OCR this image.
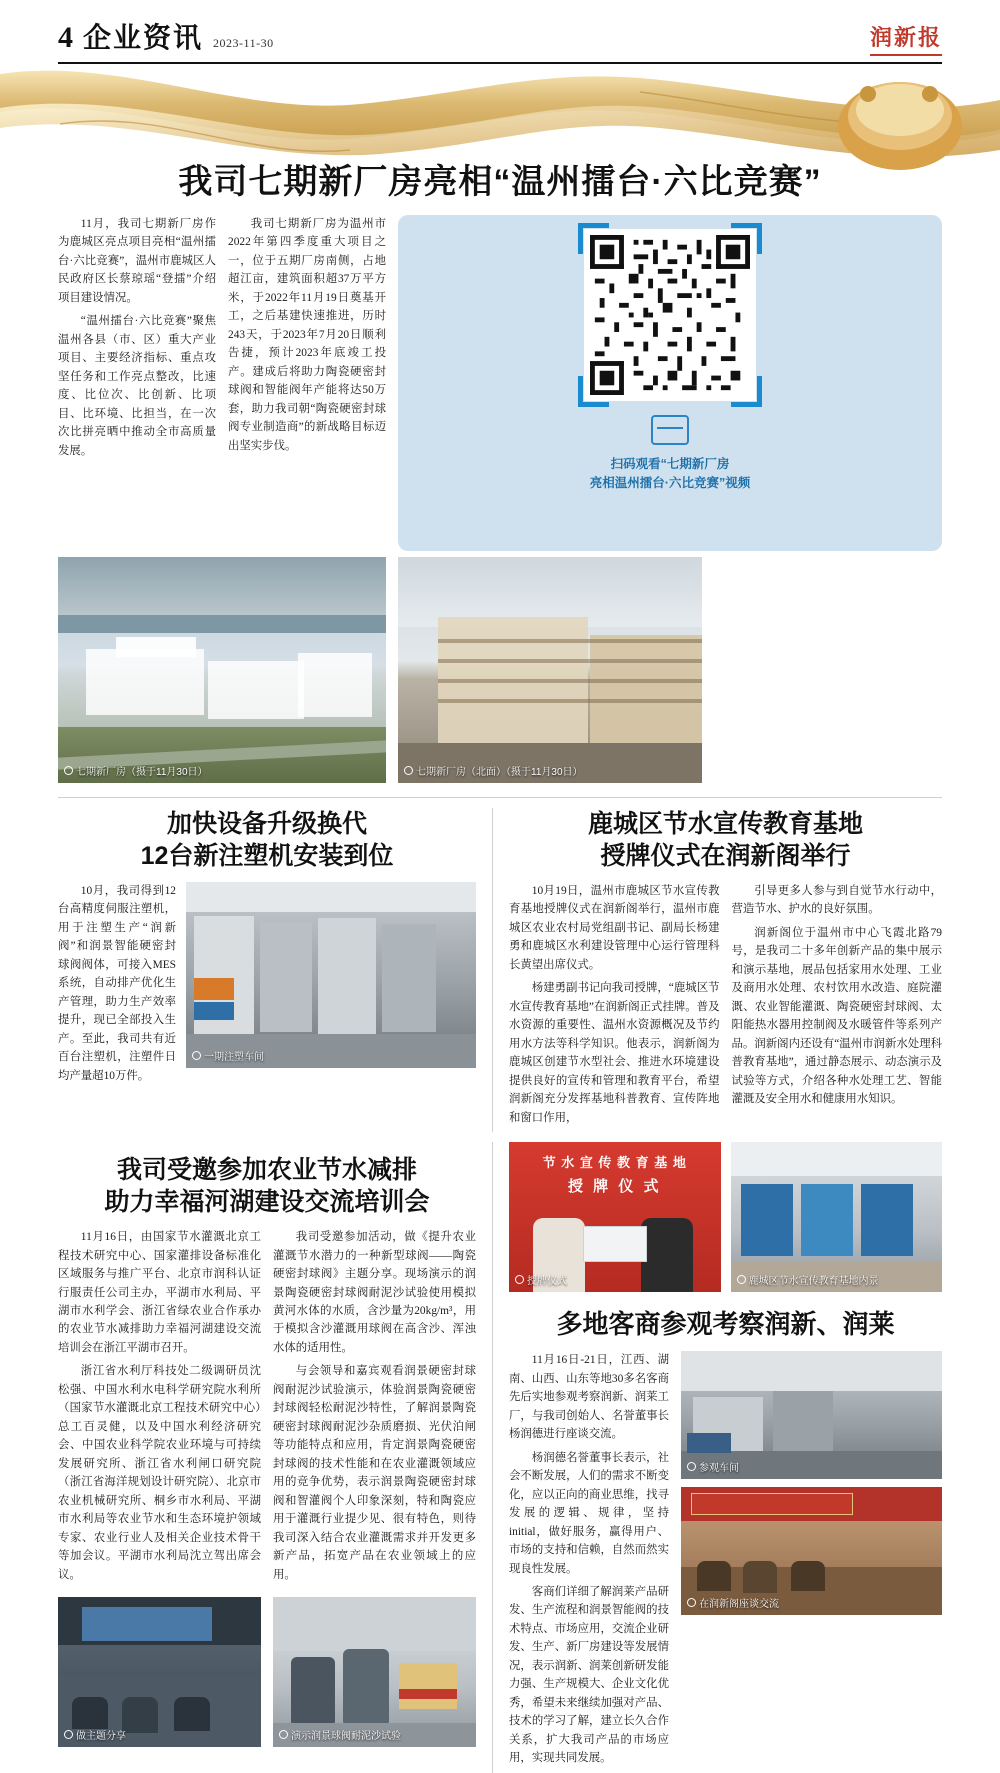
4 企业资讯 2023-11-30	润新报
我司七期新厂房亮相“温州擂台·六比竞赛”

11月，我司七期新厂房作为鹿城区亮点项目亮相“温州擂台·六比竞赛”，温州市鹿城区人民政府区长蔡琼瑶“登擂”介绍项目建设情况。

“温州擂台·六比竞赛”聚焦温州各县（市、区）重大产业项目、主要经济指标、重点攻坚任务和工作亮点整改，比速度、比位次、比创新、比项目、比环境、比担当，在一次次比拼亮晒中推动全市高质量发展。

我司七期新厂房为温州市2022年第四季度重大项目之一，位于五期厂房南侧，占地超江亩，建筑面积超37万平方米，于2022年11月19日奠基开工，之后基建快速推进，历时243天，于2023年7月20日顺利告捷，预计2023年底竣工投产。建成后将助力陶瓷硬密封球阀和智能阀年产能将达50万套，助力我司朝“陶瓷硬密封球阀专业制造商”的新战略目标迈出坚实步伐。

扫码观看“七期新厂房
亮相温州擂台·六比竞赛”视频
七期新厂房（摄于11月30日）	七期新厂房（北面）（摄于11月30日）
加快设备升级换代
12台新注塑机安装到位

10月，我司得到12台高精度伺服注塑机，用于注塑生产“润新阀”和润景智能硬密封球阀阀体，可接入MES系统，自动排产优化生产管理，助力生产效率提升，现已全部投入生产。至此，我司共有近百台注塑机，注塑件日均产量超10万件。

一期注塑车间
鹿城区节水宣传教育基地
授牌仪式在润新阁举行

10月19日，温州市鹿城区节水宣传教育基地授牌仪式在润新阁举行，温州市鹿城区农业农村局党组副书记、副局长杨建勇和鹿城区水利建设管理中心运行管理科长黄望出席仪式。

杨建勇副书记向我司授牌，“鹿城区节水宣传教育基地”在润新阁正式挂牌。普及水资源的重要性、温州水资源概况及节约用水方法等科学知识。他表示，润新阁为鹿城区创建节水型社会、推进水环境建设提供良好的宣传和管理和教育平台，希望润新阁充分发挥基地科普教育、宣传阵地和窗口作用，

引导更多人参与到自觉节水行动中，营造节水、护水的良好氛围。

润新阁位于温州市中心飞霞北路79号，是我司二十多年创新产品的集中展示和演示基地，展品包括家用水处理、工业及商用水处理、农村饮用水改造、庭院灌溉、农业智能灌溉、陶瓷硬密封球阀、太阳能热水器用控制阀及水暖管件等系列产品。润新阁内还设有“温州市润新水处理科普教育基地”，通过静态展示、动态演示及试验等方式，介绍各种水处理工艺、智能灌溉及安全用水和健康用水知识。

我司受邀参加农业节水减排
助力幸福河湖建设交流培训会

11月16日，由国家节水灌溉北京工程技术研究中心、国家灌排设备标准化区域服务与推广平台、北京市润科认证行服责任公司主办，平湖市水利局、平湖市水利学会、浙江省绿农业合作承办的农业节水减排助力幸福河湖建设交流培训会在浙江平湖市召开。

浙江省水利厅科技处二级调研员沈松强、中国水利水电科学研究院水利所（国家节水灌溉北京工程技术研究中心）总工百灵健，以及中国水利经济研究会、中国农业科学院农业环境与可持续发展研究所、浙江省水利闸口研究院（浙江省海洋规划设计研究院）、北京市农业机械研究所、桐乡市水利局、平湖市水利局等农业节水和生态环境护领域专家、农业行业人及相关企业技术骨干等加会议。平湖市水利局沈立驾出席会议。

我司受邀参加活动，做《提升农业灌溉节水潜力的一种新型球阀——陶瓷硬密封球阀》主题分享。现场演示的润景陶瓷硬密封球阀耐泥沙试验使用模拟黄河水体的水质，含沙量为20kg/m³，用于模拟含沙灌溉用球阀在高含沙、浑浊水体的适用性。

与会领导和嘉宾观看润景硬密封球阀耐泥沙试验演示，体验润景陶瓷硬密封球阀轻松耐泥沙特性，了解润景陶瓷硬密封球阀耐泥沙杂质磨损、光伏泊闸等功能特点和应用，肯定润景陶瓷硬密封球阀的技术性能和在农业灌溉领域应用的竞争优势，表示润景陶瓷硬密封球阀和智灌阀个人印象深刻，特和陶瓷应用于灌溉行业提少见、很有特色，则待我司深入结合农业灌溉需求并开发更多新产品，拓宽产品在农业领域上的应用。

做主题分享	演示润景球阀耐泥沙试验
节 水 宣 传 教 育 基 地
授 牌 仪 式
授牌仪式	鹿城区节水宣传教育基地内景
多地客商参观考察润新、润莱

11月16日-21日，江西、湖南、山西、山东等地30多名客商先后实地参观考察润新、润莱工厂，与我司创始人、名誉董事长杨润德进行座谈交流。

杨润德名誉董事长表示，社会不断发展，人们的需求不断变化，应以正向的商业思维，找寻发展的逻辑、规律，坚持initial，做好服务，赢得用户、市场的支持和信赖，自然而然实现良性发展。

客商们详细了解润莱产品研发、生产流程和润景智能阀的技术特点、市场应用，交流企业研发、生产、新厂房建设等发展情况，表示润新、润莱创新研发能力强、生产规模大、企业文化优秀，希望未来继续加强对产品、技术的学习了解，建立长久合作关系，扩大我司产品的市场应用，实现共同发展。

参观车间
在润新阁座谈交流
